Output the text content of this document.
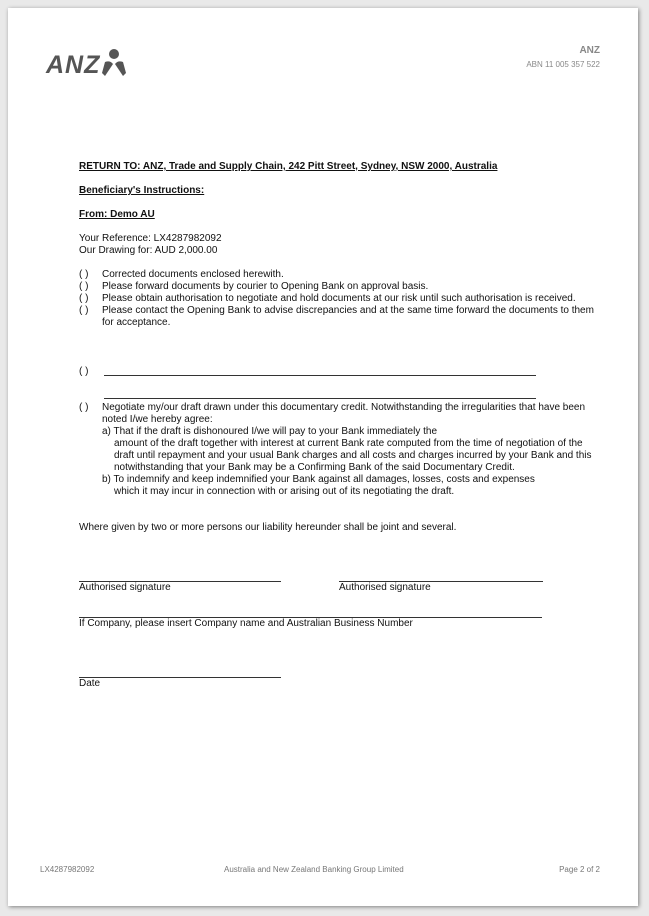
ANZ	ANZ
ABN 11 005 357 522
RETURN TO: ANZ, Trade and Supply Chain, 242 Pitt Street, Sydney, NSW 2000, Australia
Beneficiary's Instructions:
From: Demo AU
Your Reference: LX4287982092
Our Drawing for: AUD 2,000.00
( ) Corrected documents enclosed herewith.
( ) Please forward documents by courier to Opening Bank on approval basis.
( ) Please obtain authorisation to negotiate and hold documents at our risk until such authorisation is received.
( ) Please contact the Opening Bank to advise discrepancies and at the same time forward the documents to them for acceptance.
( )
( ) Negotiate my/our draft drawn under this documentary credit. Notwithstanding the irregularities that have been noted I/we hereby agree:
a) That if the draft is dishonoured I/we will pay to your Bank immediately the
amount of the draft together with interest at current Bank rate computed from the time of negotiation of the draft until repayment and your usual Bank charges and all costs and charges incurred by your Bank and this notwithstanding that your Bank may be a Confirming Bank of the said Documentary Credit.
b) To indemnify and keep indemnified your Bank against all damages, losses, costs and expenses
which it may incur in connection with or arising out of its negotiating the draft.
Where given by two or more persons our liability hereunder shall be joint and several.
Authorised signature	Authorised signature
If Company, please insert Company name and Australian Business Number
Date
LX4287982092	Australia and New Zealand Banking Group Limited	Page 2 of 2
